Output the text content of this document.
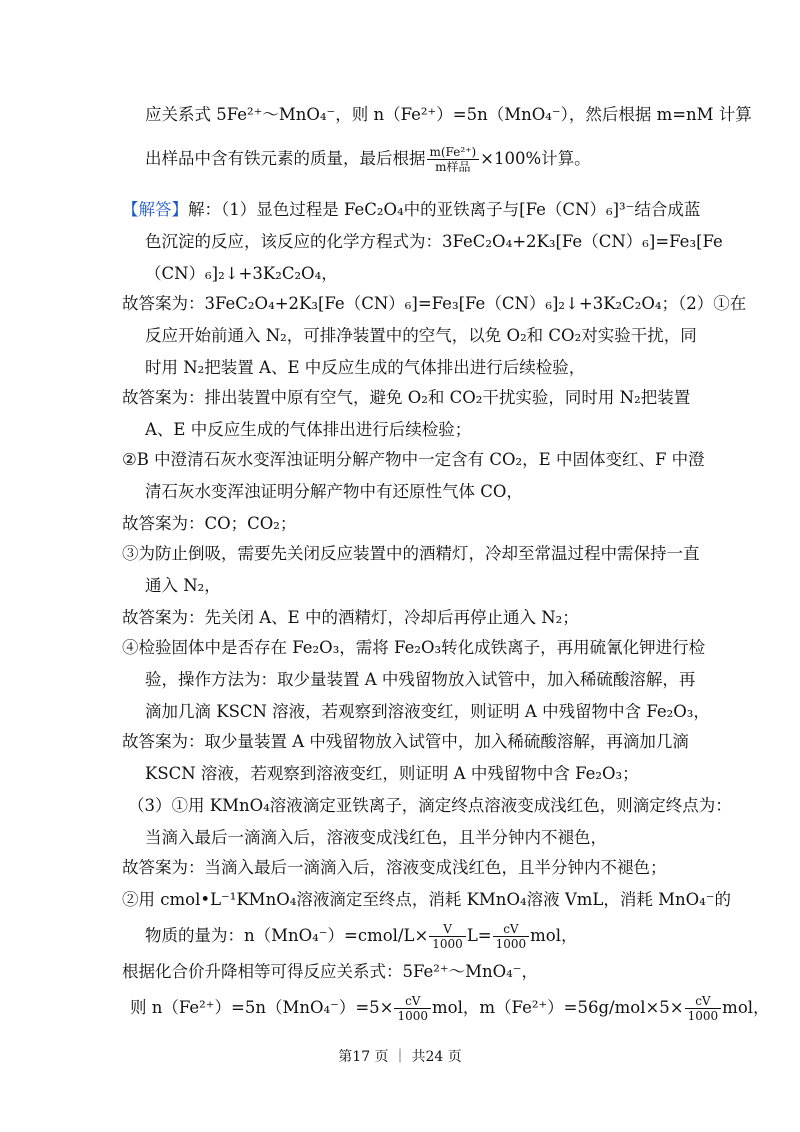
应关系式 5Fe²⁺～MnO₄⁻，则 n（Fe²⁺）=5n（MnO₄⁻），然后根据 m=nM 计算
出样品中含有铁元素的质量，最后根据 $\frac{\text{m(Fe²⁺)}}{\text{m样品}} \times 100\%$计算。
【解答】解：（1）显色过程是 FeC₂O₄中的亚铁离子与[Fe（CN）₆]³⁻结合成蓝
色沉淀的反应，该反应的化学方程式为：3FeC₂O₄+2K₃[Fe（CN）₆]=Fe₃[Fe
（CN）₆]₂↓+3K₂C₂O₄，
故答案为：3FeC₂O₄+2K₃[Fe（CN）₆]=Fe₃[Fe（CN）₆]₂↓+3K₂C₂O₄；（2）①在
反应开始前通入 N₂，可排净装置中的空气，以免 O₂和 CO₂对实验干扰，同
时用 N₂把装置 A、E 中反应生成的气体排出进行后续检验，
故答案为：排出装置中原有空气，避免 O₂和 CO₂干扰实验，同时用 N₂把装置
A、E 中反应生成的气体排出进行后续检验；
②B 中澄清石灰水变浑浊证明分解产物中一定含有 CO₂，E 中固体变红、F 中澄
清石灰水变浑浊证明分解产物中有还原性气体 CO，
故答案为：CO；CO₂；
③为防止倒吸，需要先关闭反应装置中的酒精灯，冷却至常温过程中需保持一直
通入 N₂，
故答案为：先关闭 A、E 中的酒精灯，冷却后再停止通入 N₂；
④检验固体中是否存在 Fe₂O₃，需将 Fe₂O₃转化成铁离子，再用硫氰化钾进行检
验，操作方法为：取少量装置 A 中残留物放入试管中，加入稀硫酸溶解，再
滴加几滴 KSCN 溶液，若观察到溶液变红，则证明 A 中残留物中含 Fe₂O₃，
故答案为：取少量装置 A 中残留物放入试管中，加入稀硫酸溶解，再滴加几滴
KSCN 溶液，若观察到溶液变红，则证明 A 中残留物中含 Fe₂O₃；
（3）①用 KMnO₄溶液滴定亚铁离子，滴定终点溶液变成浅红色，则滴定终点为：
当滴入最后一滴滴入后，溶液变成浅红色，且半分钟内不褪色，
故答案为：当滴入最后一滴滴入后，溶液变成浅红色，且半分钟内不褪色；
②用 cmol•L⁻¹KMnO₄溶液滴定至终点，消耗 KMnO₄溶液 VmL，消耗 MnO₄⁻的
物质的量为：n（MnO₄⁻）=cmol/L× $\frac{V}{1000} L= \frac{cV}{1000}$ mol，
根据化合价升降相等可得反应关系式：5Fe²⁺～MnO₄⁻，
则 $n(Fe^{2+})=5n(MnO_4^-)=5\times \frac{cV}{1000}$ mol，$m(Fe^{2+})=56g/mol\times 5\times \frac{cV}{1000}$ mol，
第17 页 ｜ 共24 页
